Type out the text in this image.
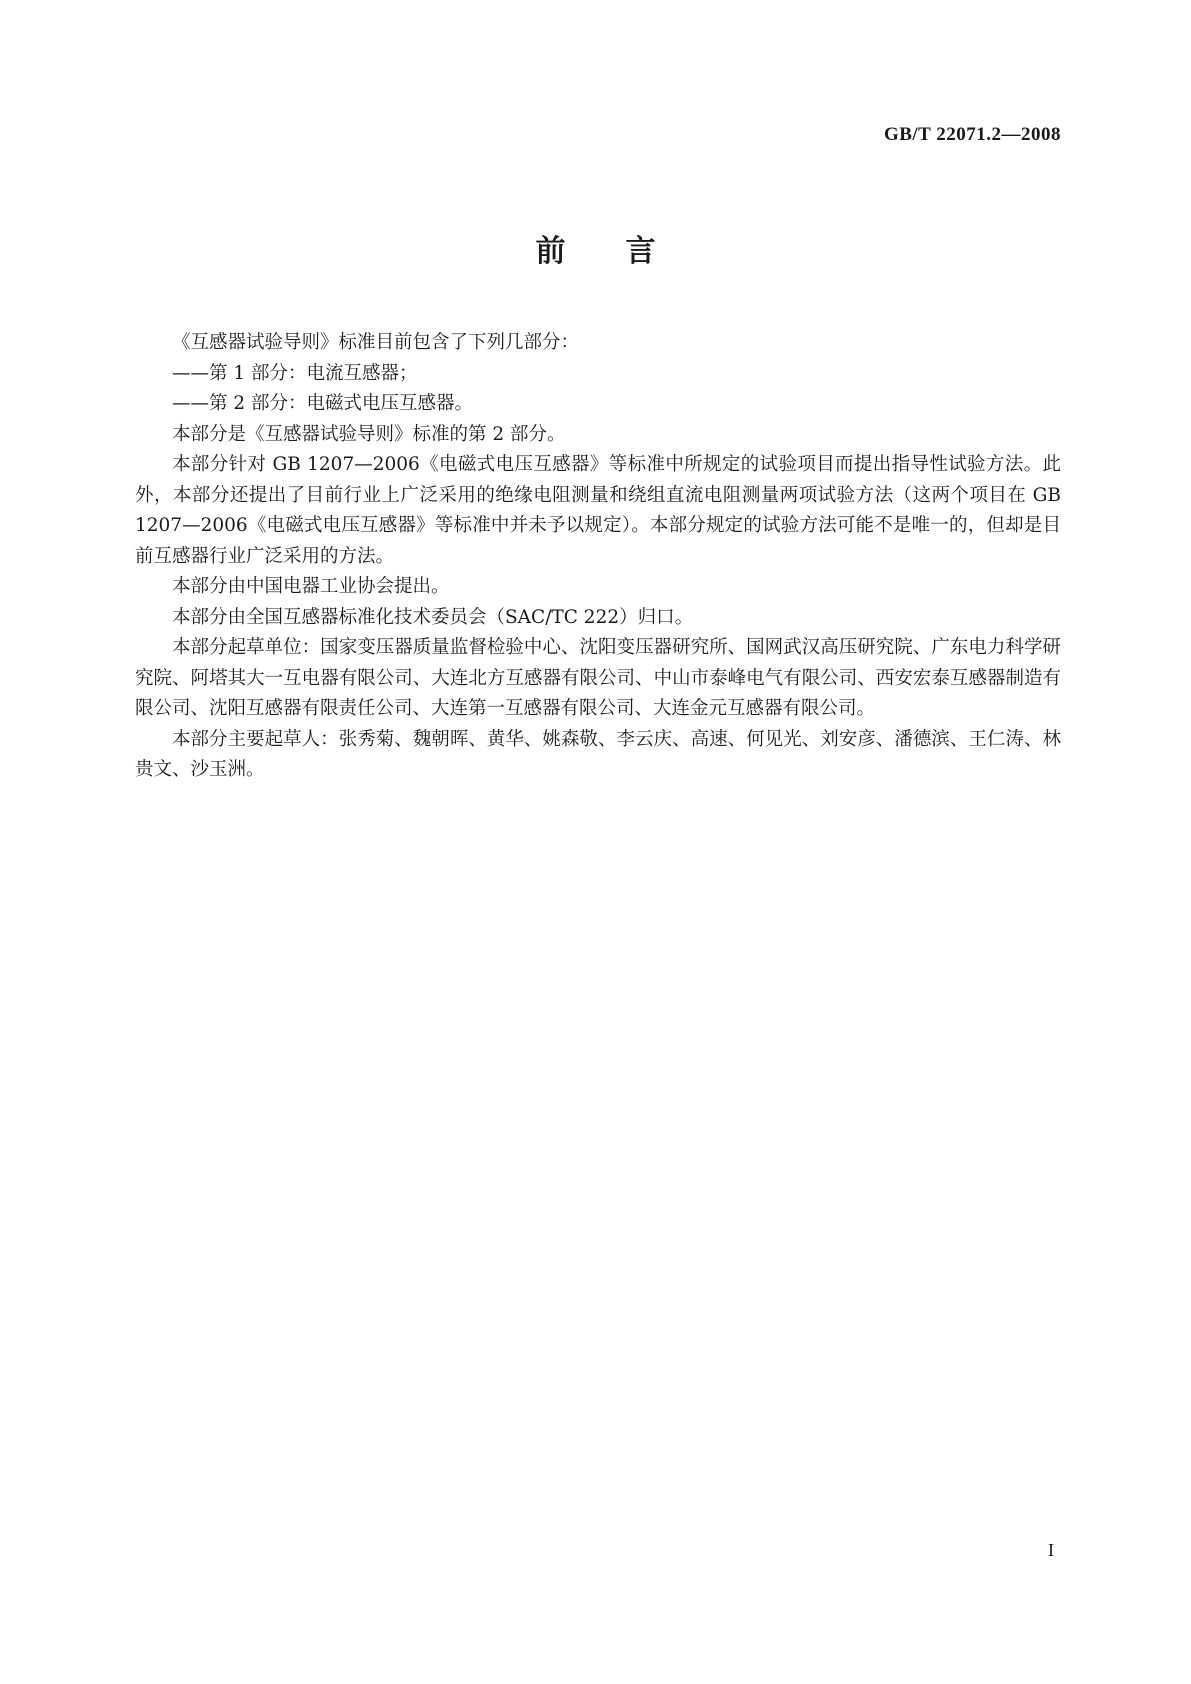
GB/T 22071.2—2008
前 言

《互感器试验导则》标准目前包含了下列几部分：

——第 1 部分：电流互感器；

——第 2 部分：电磁式电压互感器。

本部分是《互感器试验导则》标准的第 2 部分。

本部分针对 GB 1207—2006《电磁式电压互感器》等标准中所规定的试验项目而提出指导性试验方法。此外，本部分还提出了目前行业上广泛采用的绝缘电阻测量和绕组直流电阻测量两项试验方法（这两个项目在 GB 1207—2006《电磁式电压互感器》等标准中并未予以规定）。本部分规定的试验方法可能不是唯一的，但却是目前互感器行业广泛采用的方法。

本部分由中国电器工业协会提出。

本部分由全国互感器标准化技术委员会（SAC/TC 222）归口。

本部分起草单位：国家变压器质量监督检验中心、沈阳变压器研究所、国网武汉高压研究院、广东电力科学研究院、阿塔其大一互电器有限公司、大连北方互感器有限公司、中山市泰峰电气有限公司、西安宏泰互感器制造有限公司、沈阳互感器有限责任公司、大连第一互感器有限公司、大连金元互感器有限公司。

本部分主要起草人：张秀菊、魏朝晖、黄华、姚森敬、李云庆、高速、何见光、刘安彦、潘德滨、王仁涛、林贵文、沙玉洲。

I
